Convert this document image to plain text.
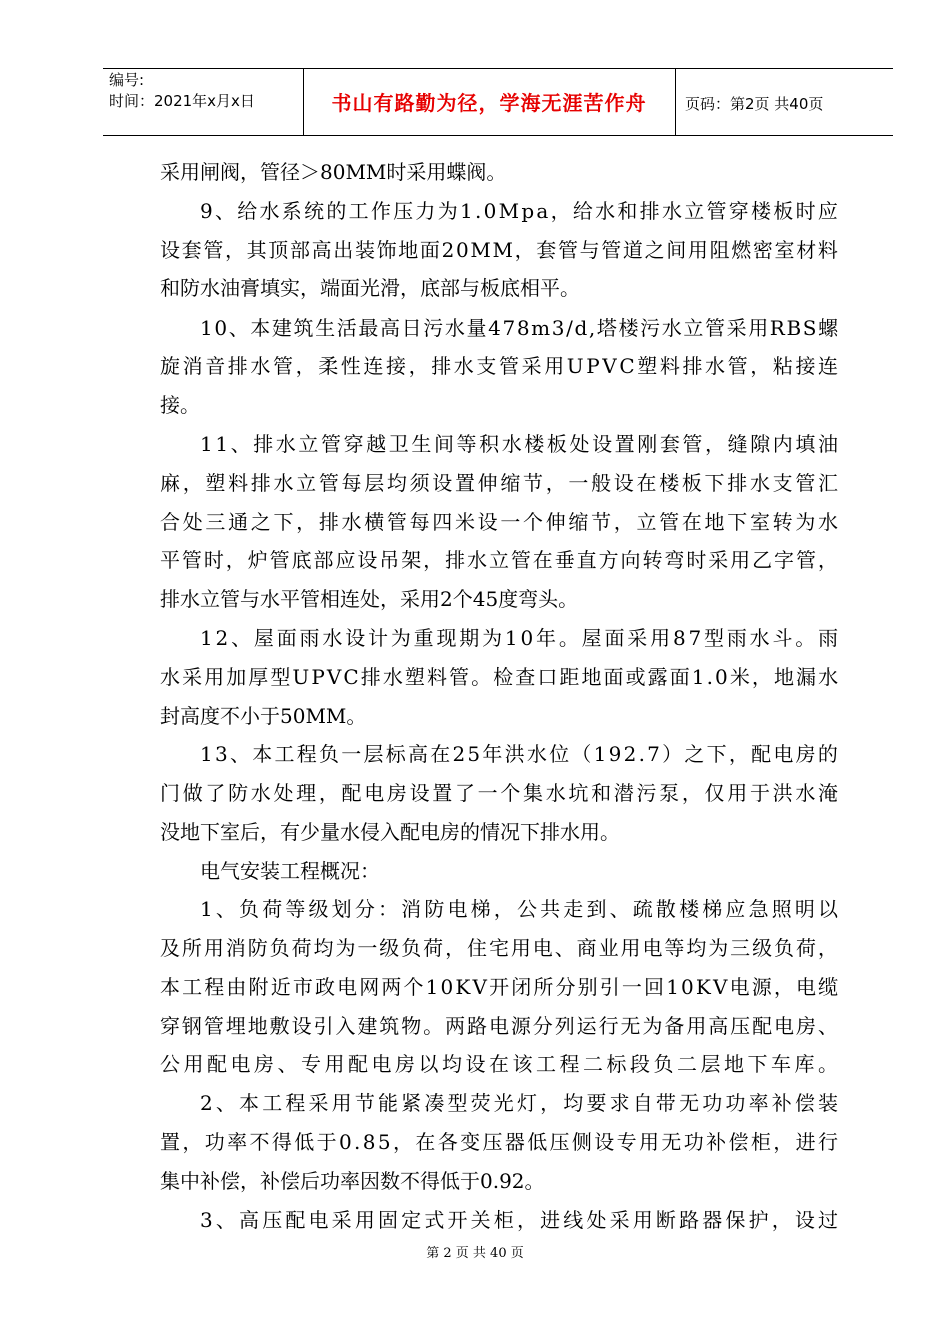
编号:
时间：2021年x月x日	书山有路勤为径，学海无涯苦作舟	页码：第2页 共40页
采用闸阀，管径＞80MM时采用蝶阀。
9、给水系统的工作压力为1.0Mpa，给水和排水立管穿楼板时应
设套管，其顶部高出装饰地面20MM，套管与管道之间用阻燃密室材料
和防水油膏填实，端面光滑，底部与板底相平。
10、本建筑生活最高日污水量478m3/d,塔楼污水立管采用RBS螺
旋消音排水管，柔性连接，排水支管采用UPVC塑料排水管，粘接连
接。
11、排水立管穿越卫生间等积水楼板处设置刚套管，缝隙内填油
麻，塑料排水立管每层均须设置伸缩节，一般设在楼板下排水支管汇
合处三通之下，排水横管每四米设一个伸缩节，立管在地下室转为水
平管时，炉管底部应设吊架，排水立管在垂直方向转弯时采用乙字管，
排水立管与水平管相连处，采用2个45度弯头。
12、屋面雨水设计为重现期为10年。屋面采用87型雨水斗。雨
水采用加厚型UPVC排水塑料管。检查口距地面或露面1.0米，地漏水
封高度不小于50MM。
13、本工程负一层标高在25年洪水位（192.7）之下，配电房的
门做了防水处理，配电房设置了一个集水坑和潜污泵，仅用于洪水淹
没地下室后，有少量水侵入配电房的情况下排水用。
电气安装工程概况：
1、负荷等级划分：消防电梯，公共走到、疏散楼梯应急照明以
及所用消防负荷均为一级负荷，住宅用电、商业用电等均为三级负荷，
本工程由附近市政电网两个10KV开闭所分别引一回10KV电源，电缆
穿钢管埋地敷设引入建筑物。两路电源分列运行无为备用高压配电房、
公用配电房、专用配电房以均设在该工程二标段负二层地下车库。
2、本工程采用节能紧凑型荧光灯，均要求自带无功功率补偿装
置，功率不得低于0.85，在各变压器低压侧设专用无功补偿柜，进行
集中补偿，补偿后功率因数不得低于0.92。
3、高压配电采用固定式开关柜，进线处采用断路器保护，设过
第 2 页 共 40 页
